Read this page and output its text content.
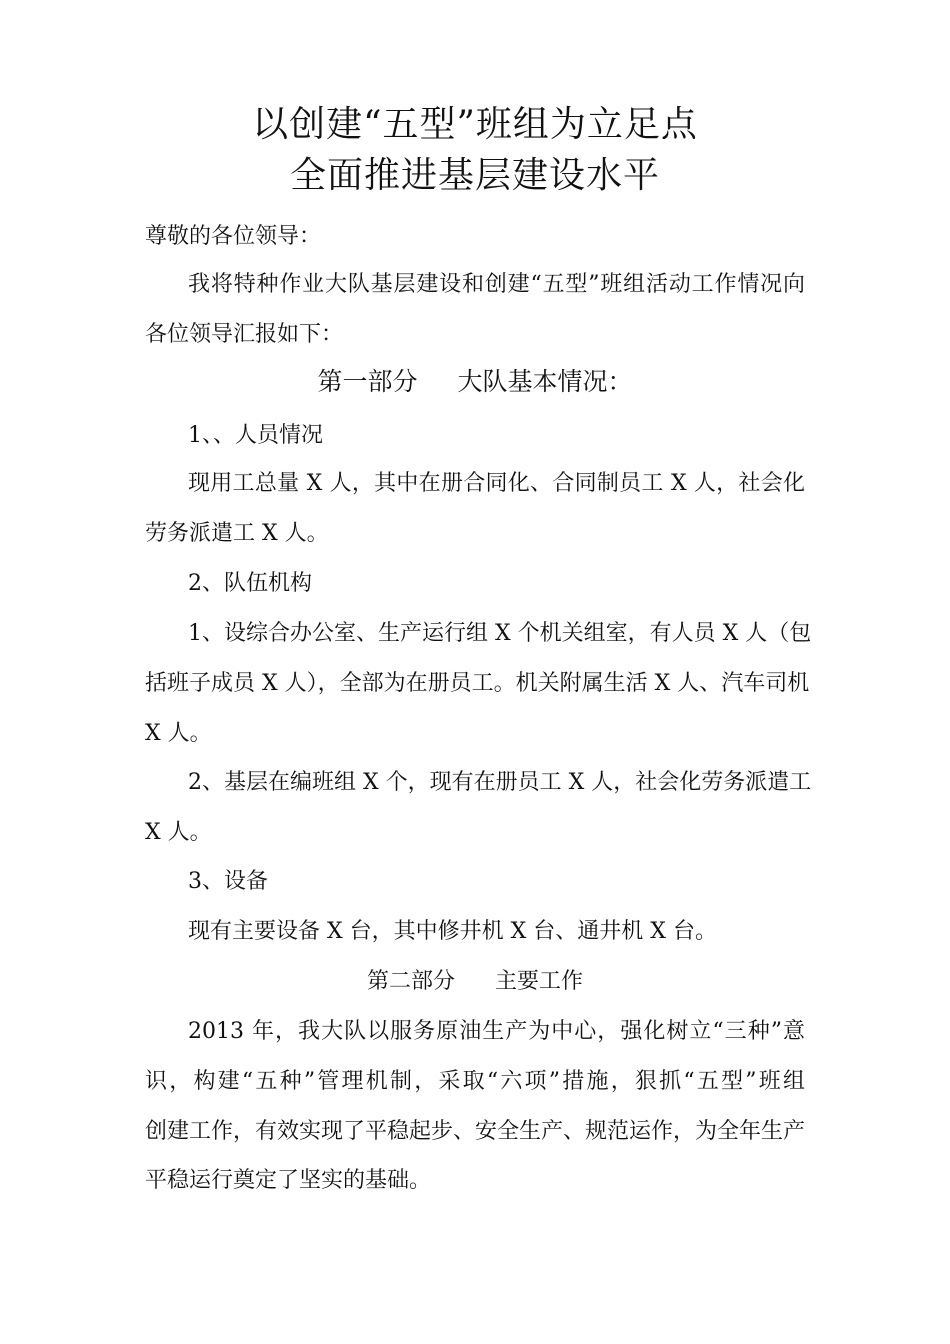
以创建“五型”班组为立足点
全面推进基层建设水平
尊敬的各位领导：
我将特种作业大队基层建设和创建“五型”班组活动工作情况向
各位领导汇报如下：
第一部分 大队基本情况：
1、、人员情况
现用工总量 X 人，其中在册合同化、合同制员工 X 人，社会化
劳务派遣工 X 人。
2、队伍机构
1、设综合办公室、生产运行组 X 个机关组室，有人员 X 人（包
括班子成员 X 人），全部为在册员工。机关附属生活 X 人、汽车司机
X 人。
2、基层在编班组 X 个，现有在册员工 X 人，社会化劳务派遣工
X 人。
3、设备
现有主要设备 X 台，其中修井机 X 台、通井机 X 台。
第二部分 主要工作
2013 年，我大队以服务原油生产为中心，强化树立“三种”意
识，构建“五种”管理机制，采取“六项”措施，狠抓“五型”班组
创建工作，有效实现了平稳起步、安全生产、规范运作，为全年生产
平稳运行奠定了坚实的基础。
